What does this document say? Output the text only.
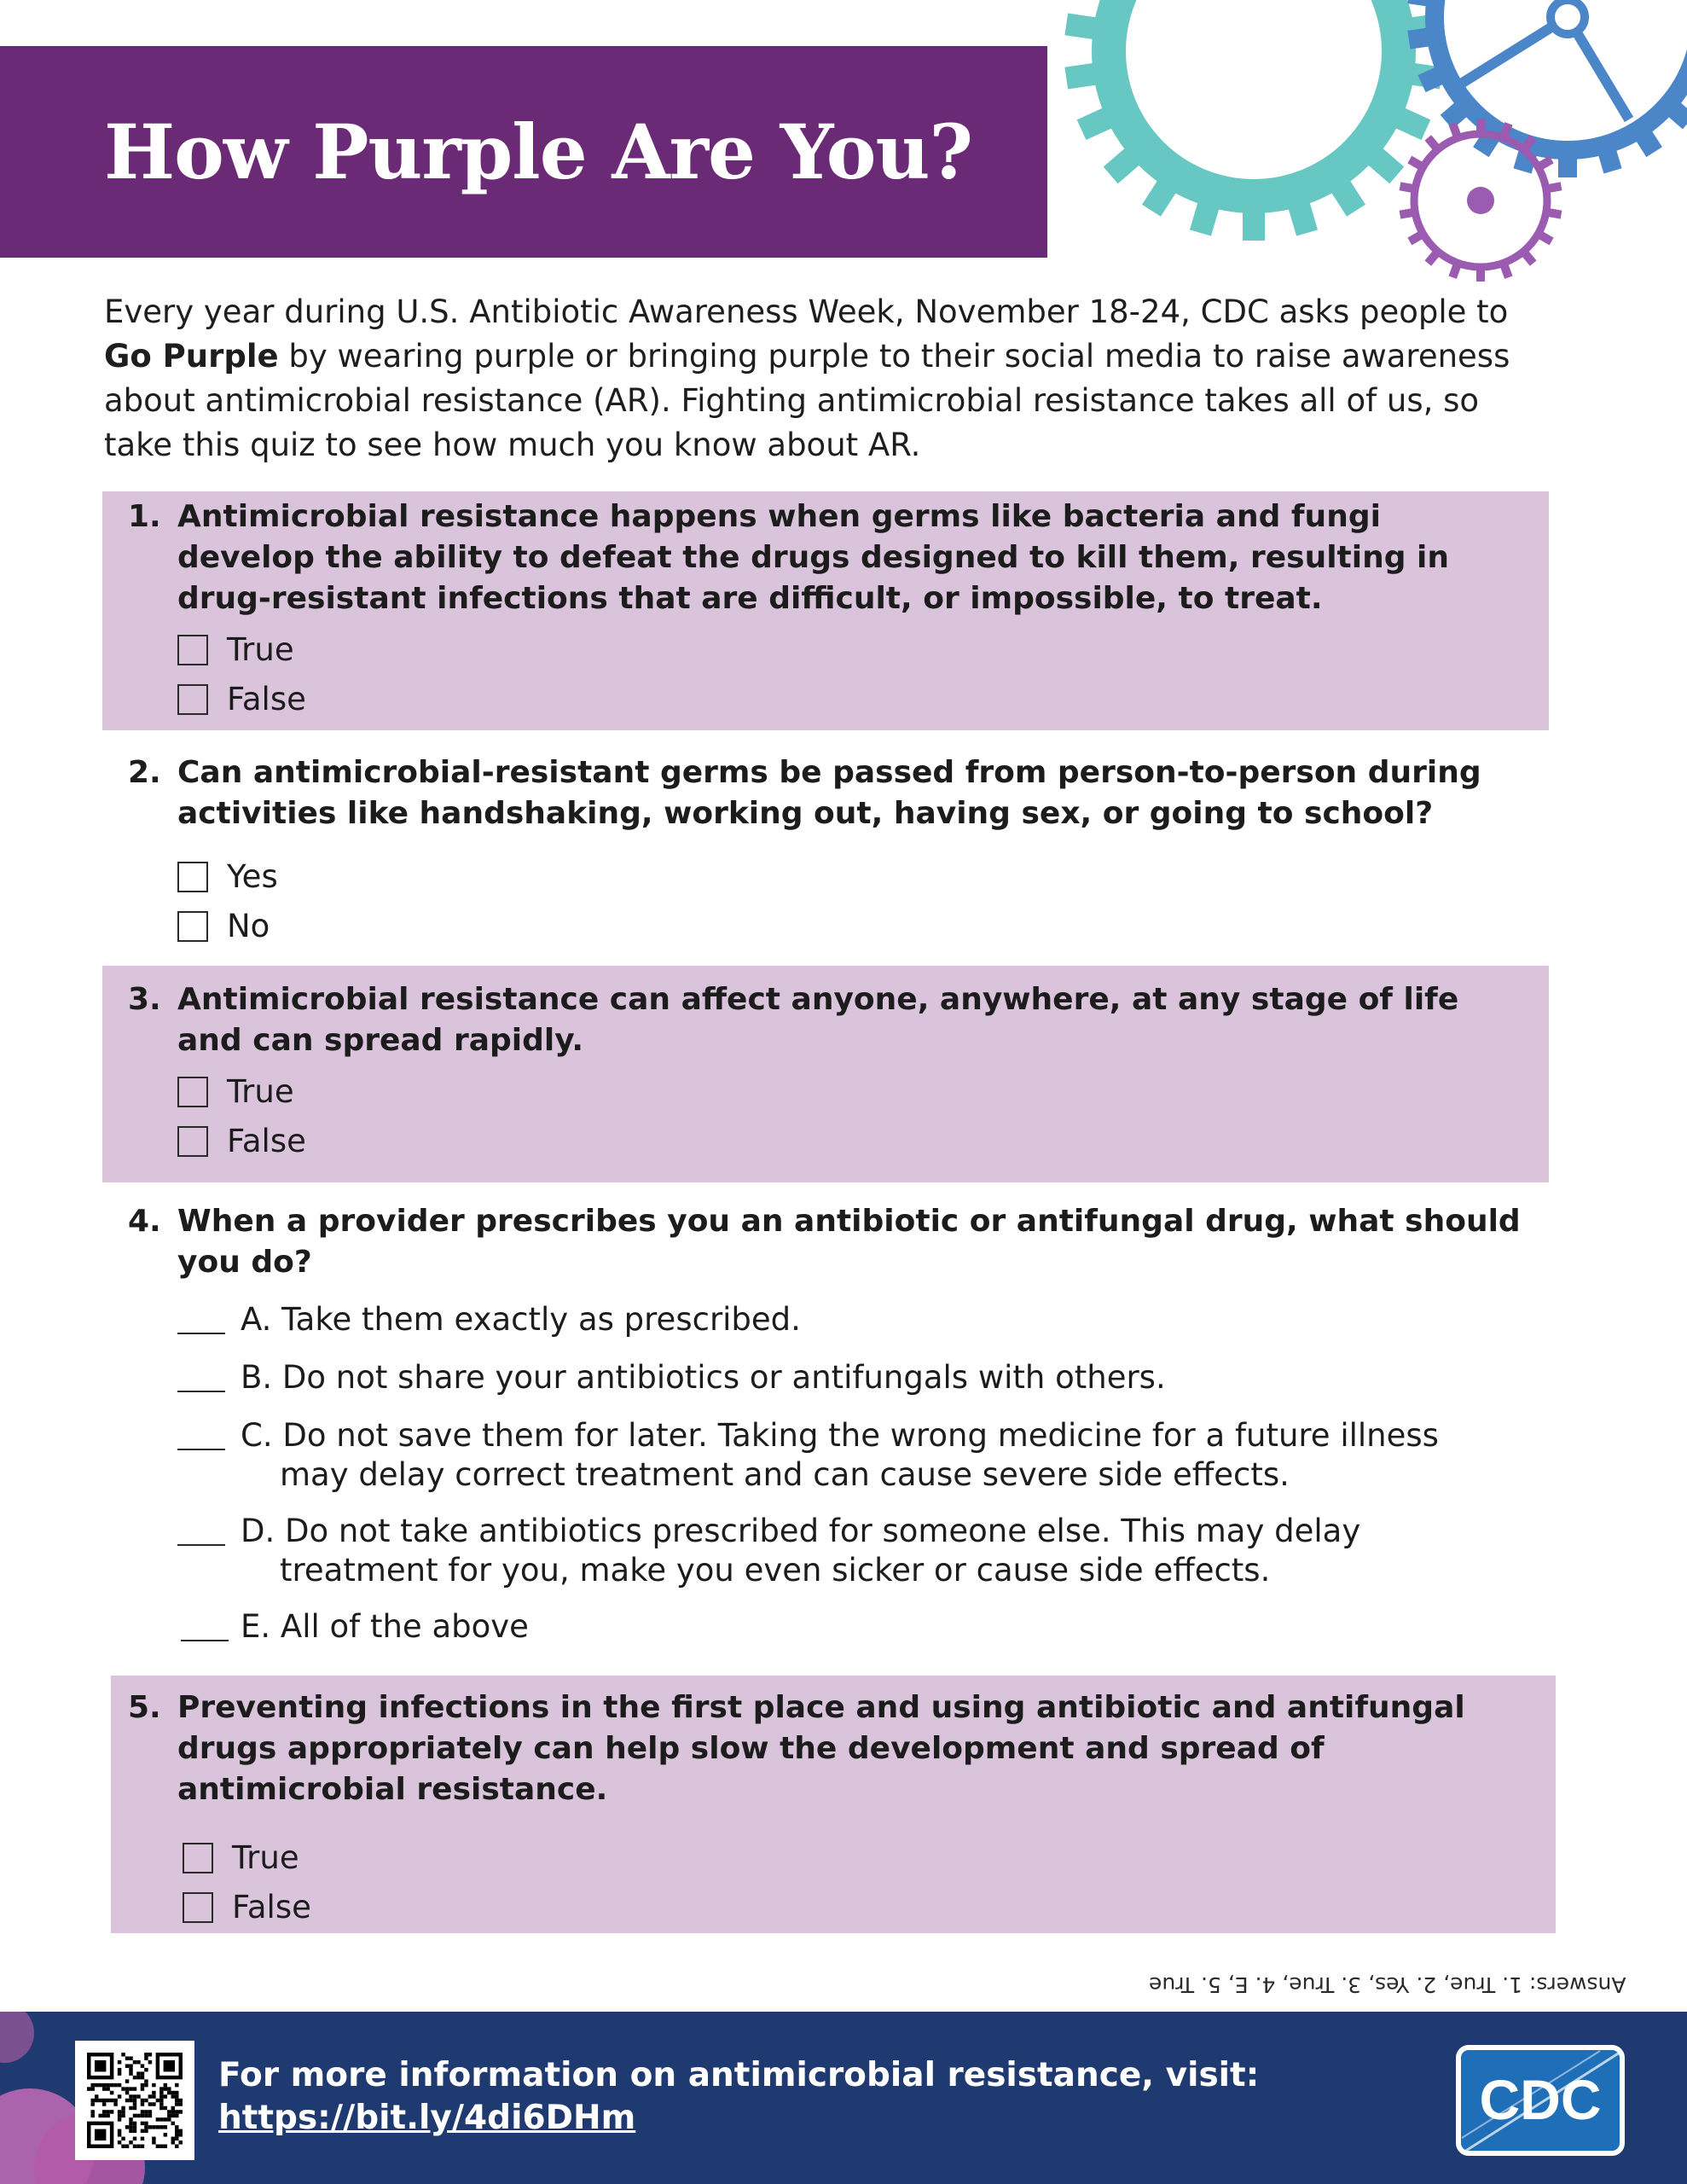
How Purple Are You?

Every year during U.S. Antibiotic Awareness Week, November 18-24, CDC asks people to Go Purple by wearing purple or bringing purple to their social media to raise awareness about antimicrobial resistance (AR). Fighting antimicrobial resistance takes all of us, so take this quiz to see how much you know about AR.

1. Antimicrobial resistance happens when germs like bacteria and fungi develop the ability to defeat the drugs designed to kill them, resulting in drug-resistant infections that are difficult, or impossible, to treat.

True
False
2. Can antimicrobial-resistant germs be passed from person-to-person during activities like handshaking, working out, having sex, or going to school?

Yes
No
3. Antimicrobial resistance can affect anyone, anywhere, at any stage of life and can spread rapidly.

True
False
4. When a provider prescribes you an antibiotic or antifungal drug, what should you do?

A. Take them exactly as prescribed.

B. Do not share your antibiotics or antifungals with others.

C. Do not save them for later. Taking the wrong medicine for a future illness
may delay correct treatment and can cause severe side effects.

D. Do not take antibiotics prescribed for someone else. This may delay
treatment for you, make you even sicker or cause side effects.

E. All of the above

5. Preventing infections in the first place and using antibiotic and antifungal drugs appropriately can help slow the development and spread of antimicrobial resistance.

True
False
Answers: 1. True, 2. Yes, 3. True, 4. E, 5. True
For more information on antimicrobial resistance, visit:
https://bit.ly/4di6DHm	CDC
